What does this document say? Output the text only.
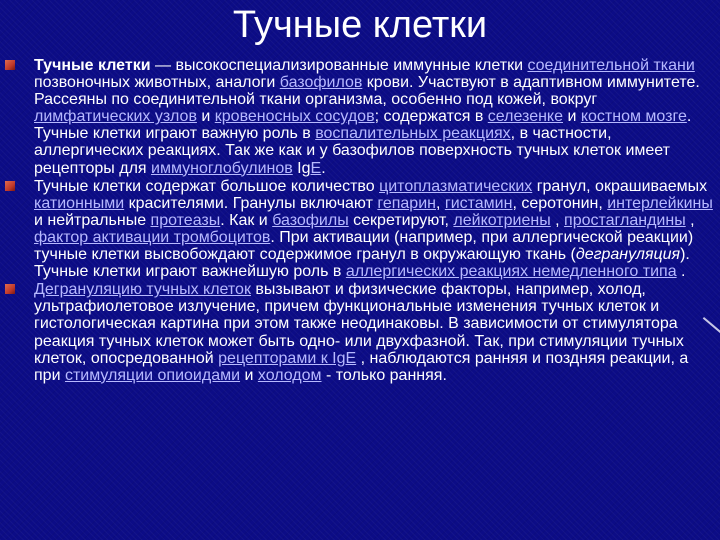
Тучные клетки
Тучные клетки — высокоспециализированные иммунные клетки соединительной ткани позвоночных животных, аналоги базофилов крови. Участвуют в адаптивном иммунитете. Рассеяны по соединительной ткани организма, особенно под кожей, вокруг лимфатических узлов и кровеносных сосудов; содержатся в селезенке и костном мозге. Тучные клетки играют важную роль в воспалительных реакциях, в частности, аллергических реакциях. Так же как и у базофилов поверхность тучных клеток имеет рецепторы для иммуноглобулинов IgE.
Тучные клетки содержат большое количество цитоплазматических гранул, окрашиваемых катионными красителями. Гранулы включают гепарин, гистамин, серотонин, интерлейкины и нейтральные протеазы. Как и базофилы секретируют, лейкотриены , простагландины , фактор активации тромбоцитов. При активации (например, при аллергической реакции) тучные клетки высвобождают содержимое гранул в окружающую ткань (дегрануляция). Тучные клетки играют важнейшую роль в аллергических реакциях немедленного типа .
Дегрануляцию тучных клеток вызывают и физические факторы, например, холод, ультрафиолетовое излучение, причем функциональные изменения тучных клеток и гистологическая картина при этом также неодинаковы. В зависимости от стимулятора реакция тучных клеток может быть одно- или двухфазной. Так, при стимуляции тучных клеток, опосредованной рецепторами к IgE , наблюдаются ранняя и поздняя реакции, а при стимуляции опиоидами и холодом - только ранняя.
